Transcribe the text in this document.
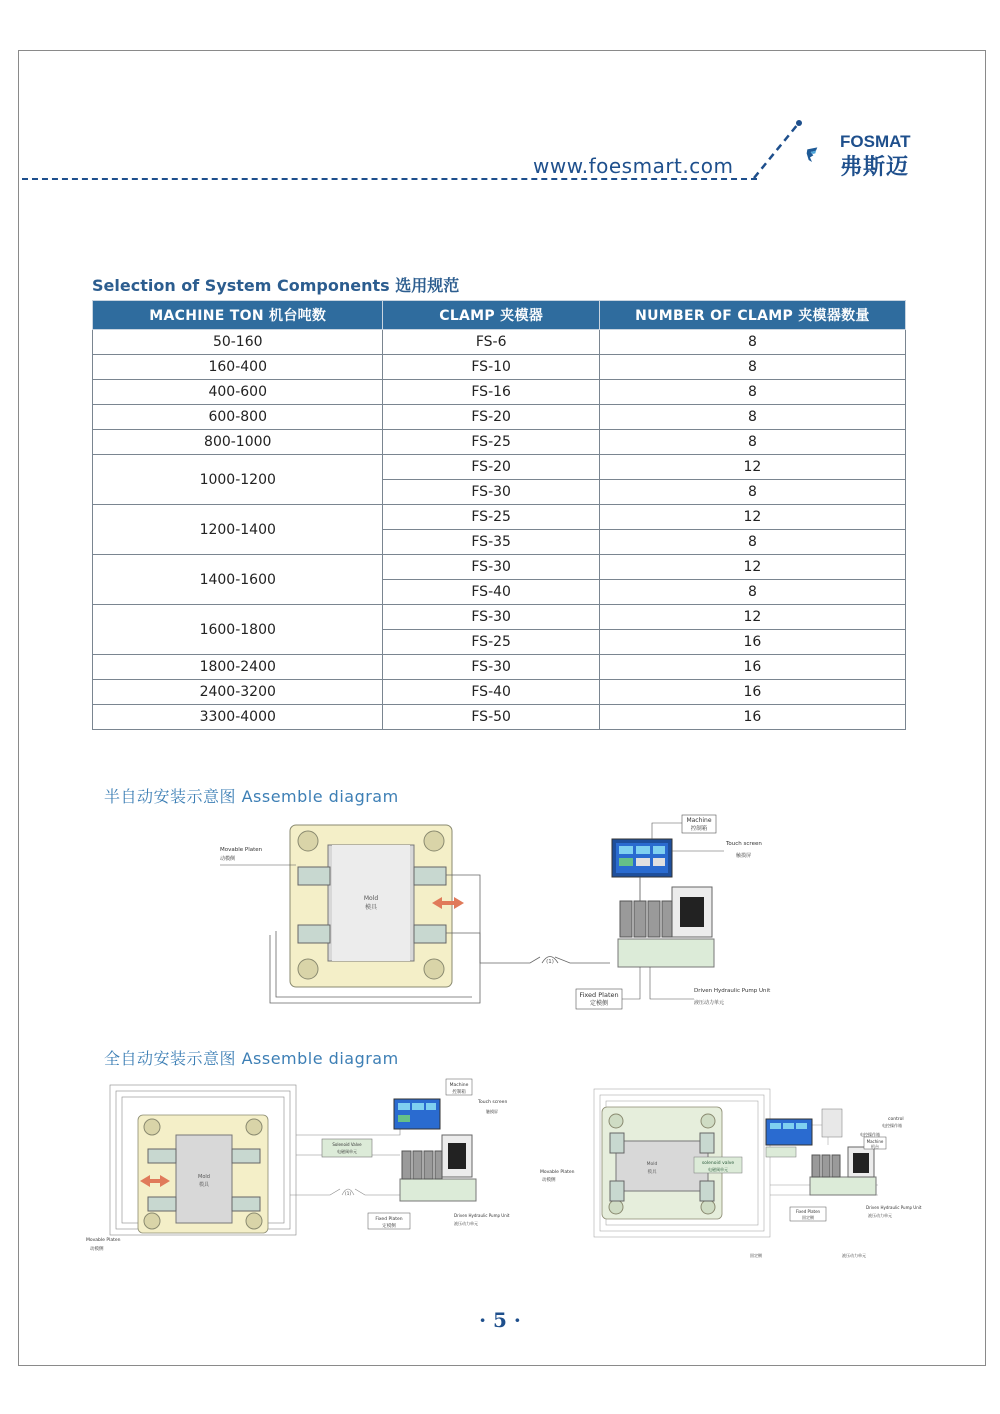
www.foesmart.com
FOSMAT
弗斯迈
Selection of System Components 选用规范
MACHINE TON 机台吨数	CLAMP 夹模器	NUMBER OF CLAMP 夹模器数量
50-160	FS-6	8
160-400	FS-10	8
400-600	FS-16	8
600-800	FS-20	8
800-1000	FS-25	8
1000-1200	FS-20	12
	FS-30	8
1200-1400	FS-25	12
	FS-35	8
1400-1600	FS-30	12
	FS-40	8
1600-1800	FS-30	12
	FS-25	16
1800-2400	FS-30	16
2400-3200	FS-40	16
3300-4000	FS-50	16
半自动安装示意图 Assemble diagram
Movable Platen
动模侧
Mold
模具
Machine
控制箱
Touch screen
触摸屏
Fixed Platen
定模侧
Driven Hydraulic Pump Unit
液压动力单元
(1)
全自动安装示意图 Assemble diagram
Machine
控制箱
Touch screen
触摸屏
Solenoid Valve
电磁阀单元
Mold
模具
Fixed Platen
定模侧
Driven Hydraulic Pump Unit
液压动力单元
Movable Platen
动模侧
(1)
control
电控操作箱
电控操作箱
Machine
机台
Movable Platen
动模侧
solenoid valve
电磁阀单元
Mold
模具
Fixed Platen
固定侧
Driven Hydraulic Pump Unit
液压动力单元
固定侧	液压动力单元
· 5 ·
